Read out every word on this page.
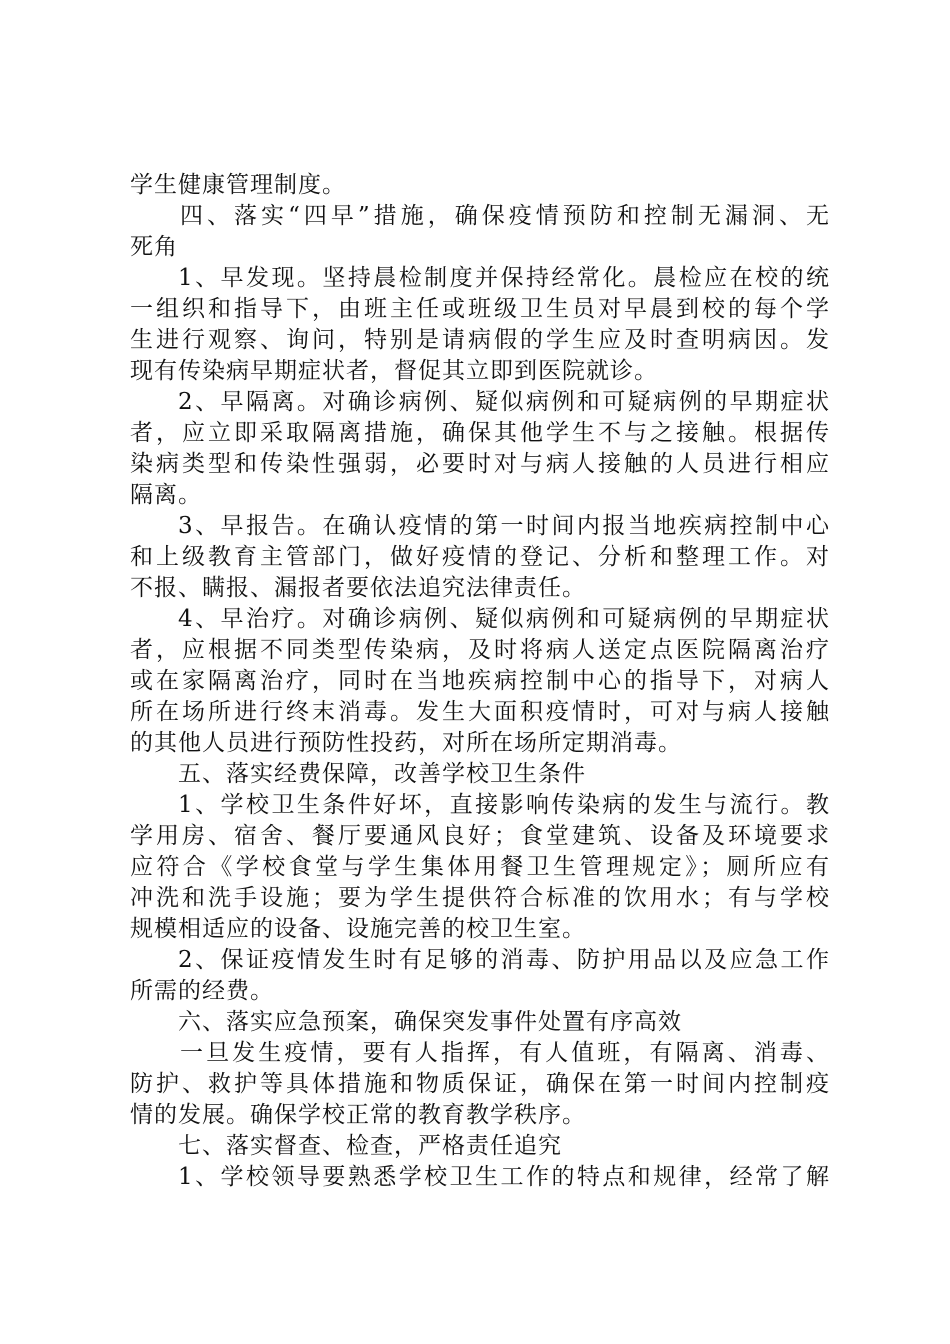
学生健康管理制度。
四、落实“四早”措施，确保疫情预防和控制无漏洞、无
死角
1、早发现。坚持晨检制度并保持经常化。晨检应在校的统
一组织和指导下，由班主任或班级卫生员对早晨到校的每个学
生进行观察、询问，特别是请病假的学生应及时查明病因。发
现有传染病早期症状者，督促其立即到医院就诊。
2、早隔离。对确诊病例、疑似病例和可疑病例的早期症状
者，应立即采取隔离措施，确保其他学生不与之接触。根据传
染病类型和传染性强弱，必要时对与病人接触的人员进行相应
隔离。
3、早报告。在确认疫情的第一时间内报当地疾病控制中心
和上级教育主管部门，做好疫情的登记、分析和整理工作。对
不报、瞒报、漏报者要依法追究法律责任。
4、早治疗。对确诊病例、疑似病例和可疑病例的早期症状
者，应根据不同类型传染病，及时将病人送定点医院隔离治疗
或在家隔离治疗，同时在当地疾病控制中心的指导下，对病人
所在场所进行终末消毒。发生大面积疫情时，可对与病人接触
的其他人员进行预防性投药，对所在场所定期消毒。
五、落实经费保障，改善学校卫生条件
1、学校卫生条件好坏，直接影响传染病的发生与流行。教
学用房、宿舍、餐厅要通风良好；食堂建筑、设备及环境要求
应符合《学校食堂与学生集体用餐卫生管理规定》；厕所应有
冲洗和洗手设施；要为学生提供符合标准的饮用水；有与学校
规模相适应的设备、设施完善的校卫生室。
2、保证疫情发生时有足够的消毒、防护用品以及应急工作
所需的经费。
六、落实应急预案，确保突发事件处置有序高效
一旦发生疫情，要有人指挥，有人值班，有隔离、消毒、
防护、救护等具体措施和物质保证，确保在第一时间内控制疫
情的发展。确保学校正常的教育教学秩序。
七、落实督查、检查，严格责任追究
1、学校领导要熟悉学校卫生工作的特点和规律，经常了解
